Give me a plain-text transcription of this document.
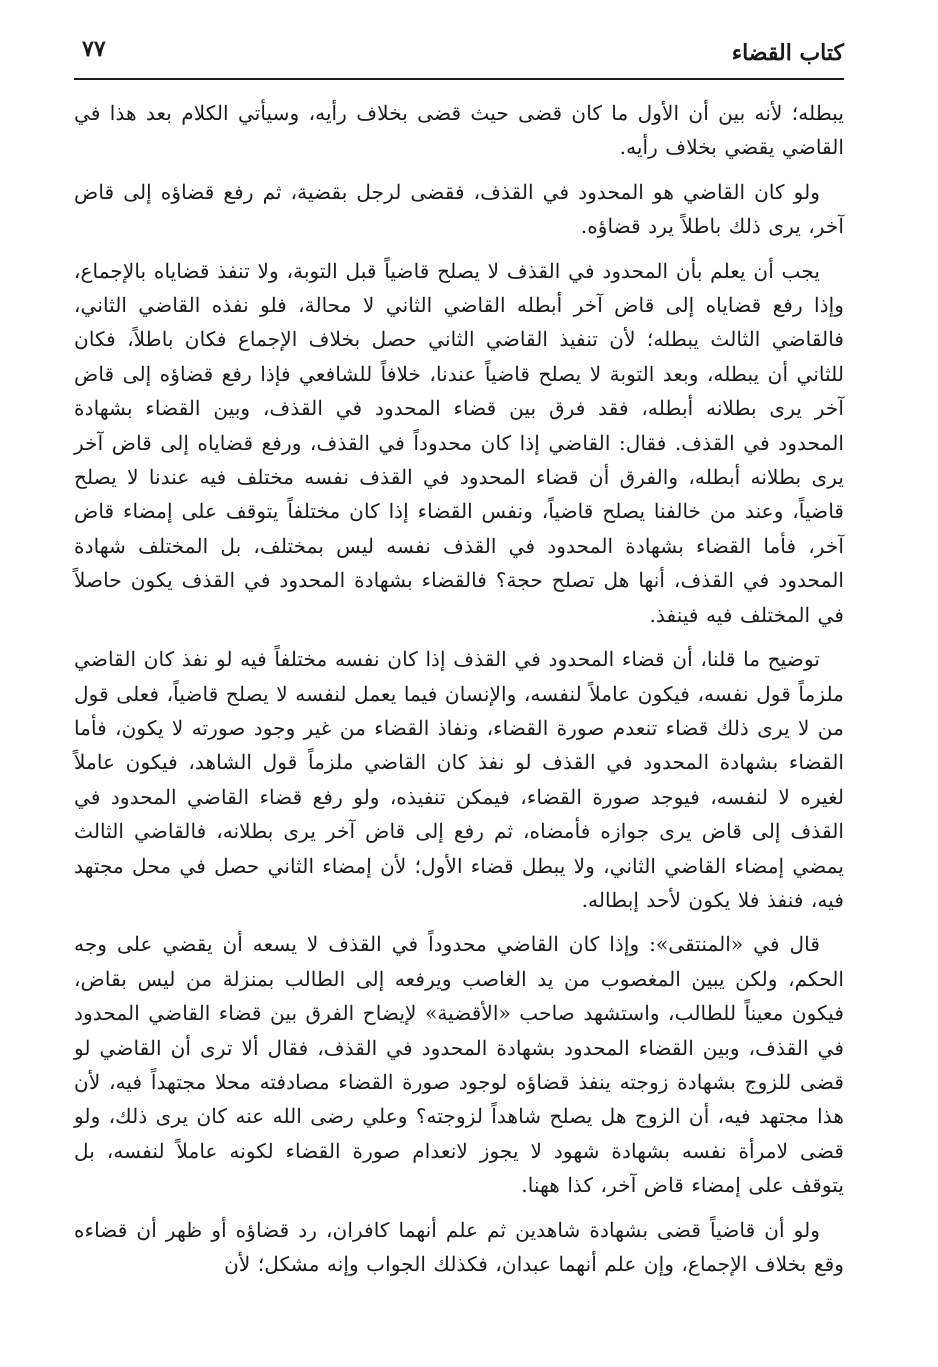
كتاب القضاء
٧٧

يبطله؛ لأنه بين أن الأول ما كان قضى حيث قضى بخلاف رأيه، وسيأتي الكلام بعد هذا في القاضي يقضي بخلاف رأيه.

ولو كان القاضي هو المحدود في القذف، فقضى لرجل بقضية، ثم رفع قضاؤه إلى قاض آخر، يرى ذلك باطلاً يرد قضاؤه.

يجب أن يعلم بأن المحدود في القذف لا يصلح قاضياً قبل التوبة، ولا تنفذ قضاياه بالإجماع، وإذا رفع قضاياه إلى قاض آخر أبطله القاضي الثاني لا محالة، فلو نفذه القاضي الثاني، فالقاضي الثالث يبطله؛ لأن تنفيذ القاضي الثاني حصل بخلاف الإجماع فكان باطلاً، فكان للثاني أن يبطله، وبعد التوبة لا يصلح قاضياً عندنا، خلافاً للشافعي فإذا رفع قضاؤه إلى قاض آخر يرى بطلانه أبطله، فقد فرق بين قضاء المحدود في القذف، وبين القضاء بشهادة المحدود في القذف. فقال: القاضي إذا كان محدوداً في القذف، ورفع قضاياه إلى قاض آخر يرى بطلانه أبطله، والفرق أن قضاء المحدود في القذف نفسه مختلف فيه عندنا لا يصلح قاضياً، وعند من خالفنا يصلح قاضياً، ونفس القضاء إذا كان مختلفاً يتوقف على إمضاء قاض آخر، فأما القضاء بشهادة المحدود في القذف نفسه ليس بمختلف، بل المختلف شهادة المحدود في القذف، أنها هل تصلح حجة؟ فالقضاء بشهادة المحدود في القذف يكون حاصلاً في المختلف فيه فينفذ.

توضيح ما قلنا، أن قضاء المحدود في القذف إذا كان نفسه مختلفاً فيه لو نفذ كان القاضي ملزماً قول نفسه، فيكون عاملاً لنفسه، والإنسان فيما يعمل لنفسه لا يصلح قاضياً، فعلى قول من لا يرى ذلك قضاء تنعدم صورة القضاء، ونفاذ القضاء من غير وجود صورته لا يكون، فأما القضاء بشهادة المحدود في القذف لو نفذ كان القاضي ملزماً قول الشاهد، فيكون عاملاً لغيره لا لنفسه، فيوجد صورة القضاء، فيمكن تنفيذه، ولو رفع قضاء القاضي المحدود في القذف إلى قاض يرى جوازه فأمضاه، ثم رفع إلى قاض آخر يرى بطلانه، فالقاضي الثالث يمضي إمضاء القاضي الثاني، ولا يبطل قضاء الأول؛ لأن إمضاء الثاني حصل في محل مجتهد فيه، فنفذ فلا يكون لأحد إبطاله.

قال في «المنتقى»: وإذا كان القاضي محدوداً في القذف لا يسعه أن يقضي على وجه الحكم، ولكن يبين المغصوب من يد الغاصب ويرفعه إلى الطالب بمنزلة من ليس بقاض، فيكون معيناً للطالب، واستشهد صاحب «الأقضية» لإيضاح الفرق بين قضاء القاضي المحدود في القذف، وبين القضاء المحدود بشهادة المحدود في القذف، فقال ألا ترى أن القاضي لو قضى للزوج بشهادة زوجته ينفذ قضاؤه لوجود صورة القضاء مصادفته محلا مجتهداً فيه، لأن هذا مجتهد فيه، أن الزوج هل يصلح شاهداً لزوجته؟ وعلي رضى الله عنه كان يرى ذلك، ولو قضى لامرأة نفسه بشهادة شهود لا يجوز لانعدام صورة القضاء لكونه عاملاً لنفسه، بل يتوقف على إمضاء قاض آخر، كذا ههنا.

ولو أن قاضياً قضى بشهادة شاهدين ثم علم أنهما كافران، رد قضاؤه أو ظهر أن قضاءه وقع بخلاف الإجماع، وإن علم أنهما عبدان، فكذلك الجواب وإنه مشكل؛ لأن
